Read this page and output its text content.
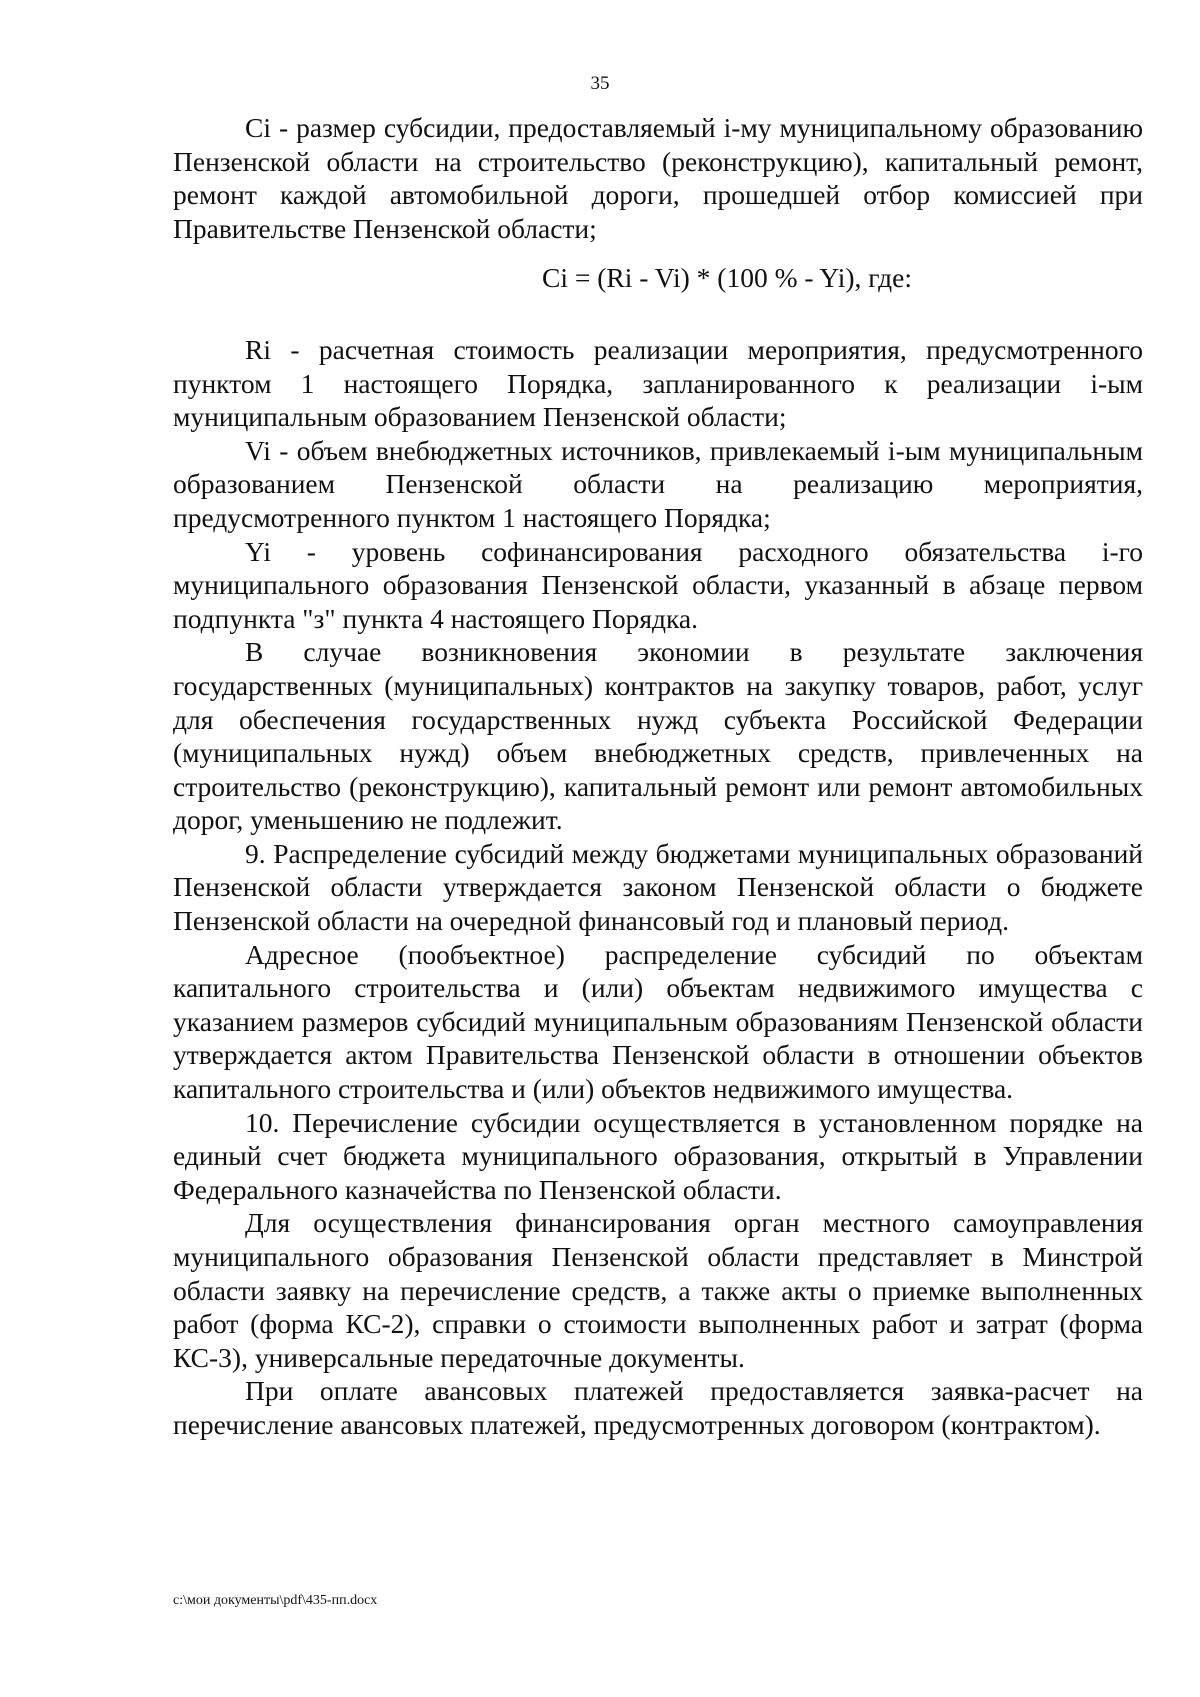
35

Ci - размер субсидии, предоставляемый i-му муниципальному образованию Пензенской области на строительство (реконструкцию), капитальный ремонт, ремонт каждой автомобильной дороги, прошедшей отбор комиссией при Правительстве Пензенской области;

Ci = (Ri - Vi) * (100 % - Yi), где:

Ri - расчетная стоимость реализации мероприятия, предусмотренного пунктом 1 настоящего Порядка, запланированного к реализации i-ым муниципальным образованием Пензенской области;

Vi - объем внебюджетных источников, привлекаемый i-ым муниципальным образованием Пензенской области на реализацию мероприятия, предусмотренного пунктом 1 настоящего Порядка;

Yi - уровень софинансирования расходного обязательства i-го муниципального образования Пензенской области, указанный в абзаце первом подпункта "з" пункта 4 настоящего Порядка.

В случае возникновения экономии в результате заключения государственных (муниципальных) контрактов на закупку товаров, работ, услуг для обеспечения государственных нужд субъекта Российской Федерации (муниципальных нужд) объем внебюджетных средств, привлеченных на строительство (реконструкцию), капитальный ремонт или ремонт автомобильных дорог, уменьшению не подлежит.

9. Распределение субсидий между бюджетами муниципальных образований Пензенской области утверждается законом Пензенской области о бюджете Пензенской области на очередной финансовый год и плановый период.

Адресное (пообъектное) распределение субсидий по объектам капитального строительства и (или) объектам недвижимого имущества с указанием размеров субсидий муниципальным образованиям Пензенской области утверждается актом Правительства Пензенской области в отношении объектов капитального строительства и (или) объектов недвижимого имущества.

10. Перечисление субсидии осуществляется в установленном порядке на единый счет бюджета муниципального образования, открытый в Управлении Федерального казначейства по Пензенской области.

Для осуществления финансирования орган местного самоуправления муниципального образования Пензенской области представляет в Минстрой области заявку на перечисление средств, а также акты о приемке выполненных работ (форма КС-2), справки о стоимости выполненных работ и затрат (форма КС-3), универсальные передаточные документы.

При оплате авансовых платежей предоставляется заявка-расчет на перечисление авансовых платежей, предусмотренных договором (контрактом).

c:\мои документы\pdf\435-пп.docx
